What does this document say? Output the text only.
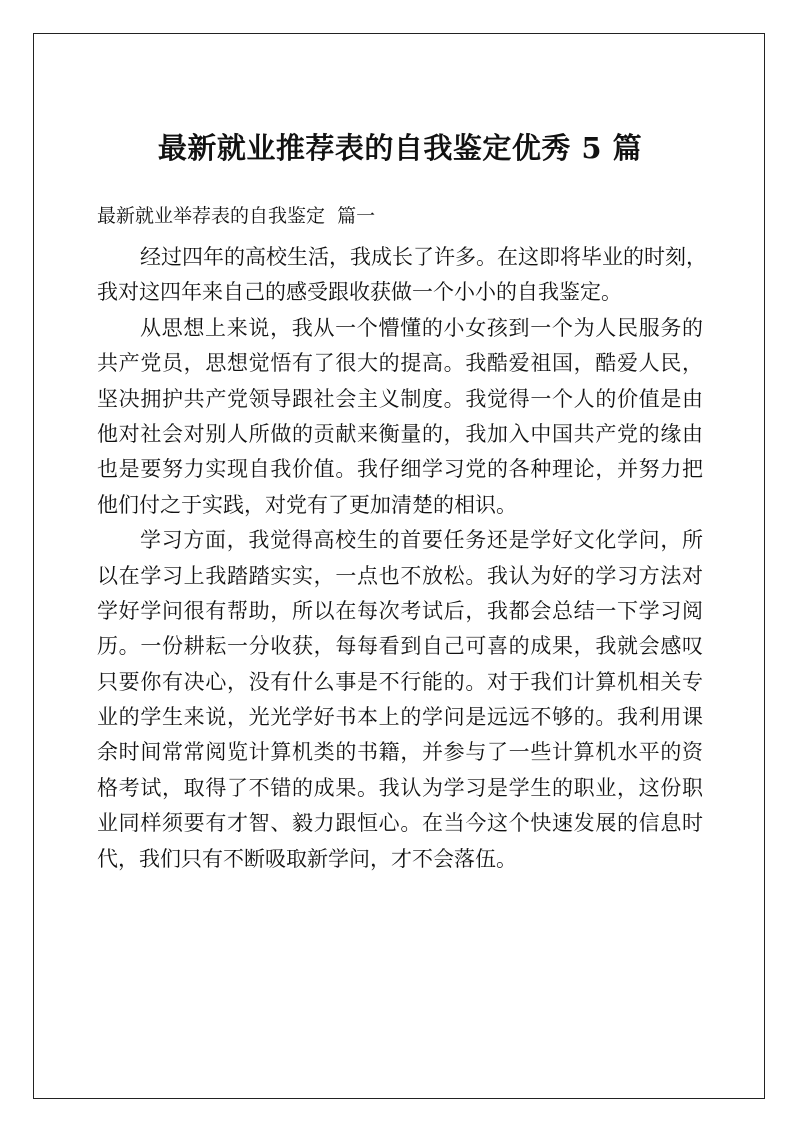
最新就业推荐表的自我鉴定优秀 5 篇
最新就业举荐表的自我鉴定  篇一
经过四年的高校生活，我成长了许多。在这即将毕业的时刻，
我对这四年来自己的感受跟收获做一个小小的自我鉴定。
从思想上来说，我从一个懵懂的小女孩到一个为人民服务的
共产党员，思想觉悟有了很大的提高。我酷爱祖国，酷爱人民，
坚决拥护共产党领导跟社会主义制度。我觉得一个人的价值是由
他对社会对别人所做的贡献来衡量的，我加入中国共产党的缘由
也是要努力实现自我价值。我仔细学习党的各种理论，并努力把
他们付之于实践，对党有了更加清楚的相识。
学习方面，我觉得高校生的首要任务还是学好文化学问，所
以在学习上我踏踏实实，一点也不放松。我认为好的学习方法对
学好学问很有帮助，所以在每次考试后，我都会总结一下学习阅
历。一份耕耘一分收获，每每看到自己可喜的成果，我就会感叹
只要你有决心，没有什么事是不行能的。对于我们计算机相关专
业的学生来说，光光学好书本上的学问是远远不够的。我利用课
余时间常常阅览计算机类的书籍，并参与了一些计算机水平的资
格考试，取得了不错的成果。我认为学习是学生的职业，这份职
业同样须要有才智、毅力跟恒心。在当今这个快速发展的信息时
代，我们只有不断吸取新学问，才不会落伍。
